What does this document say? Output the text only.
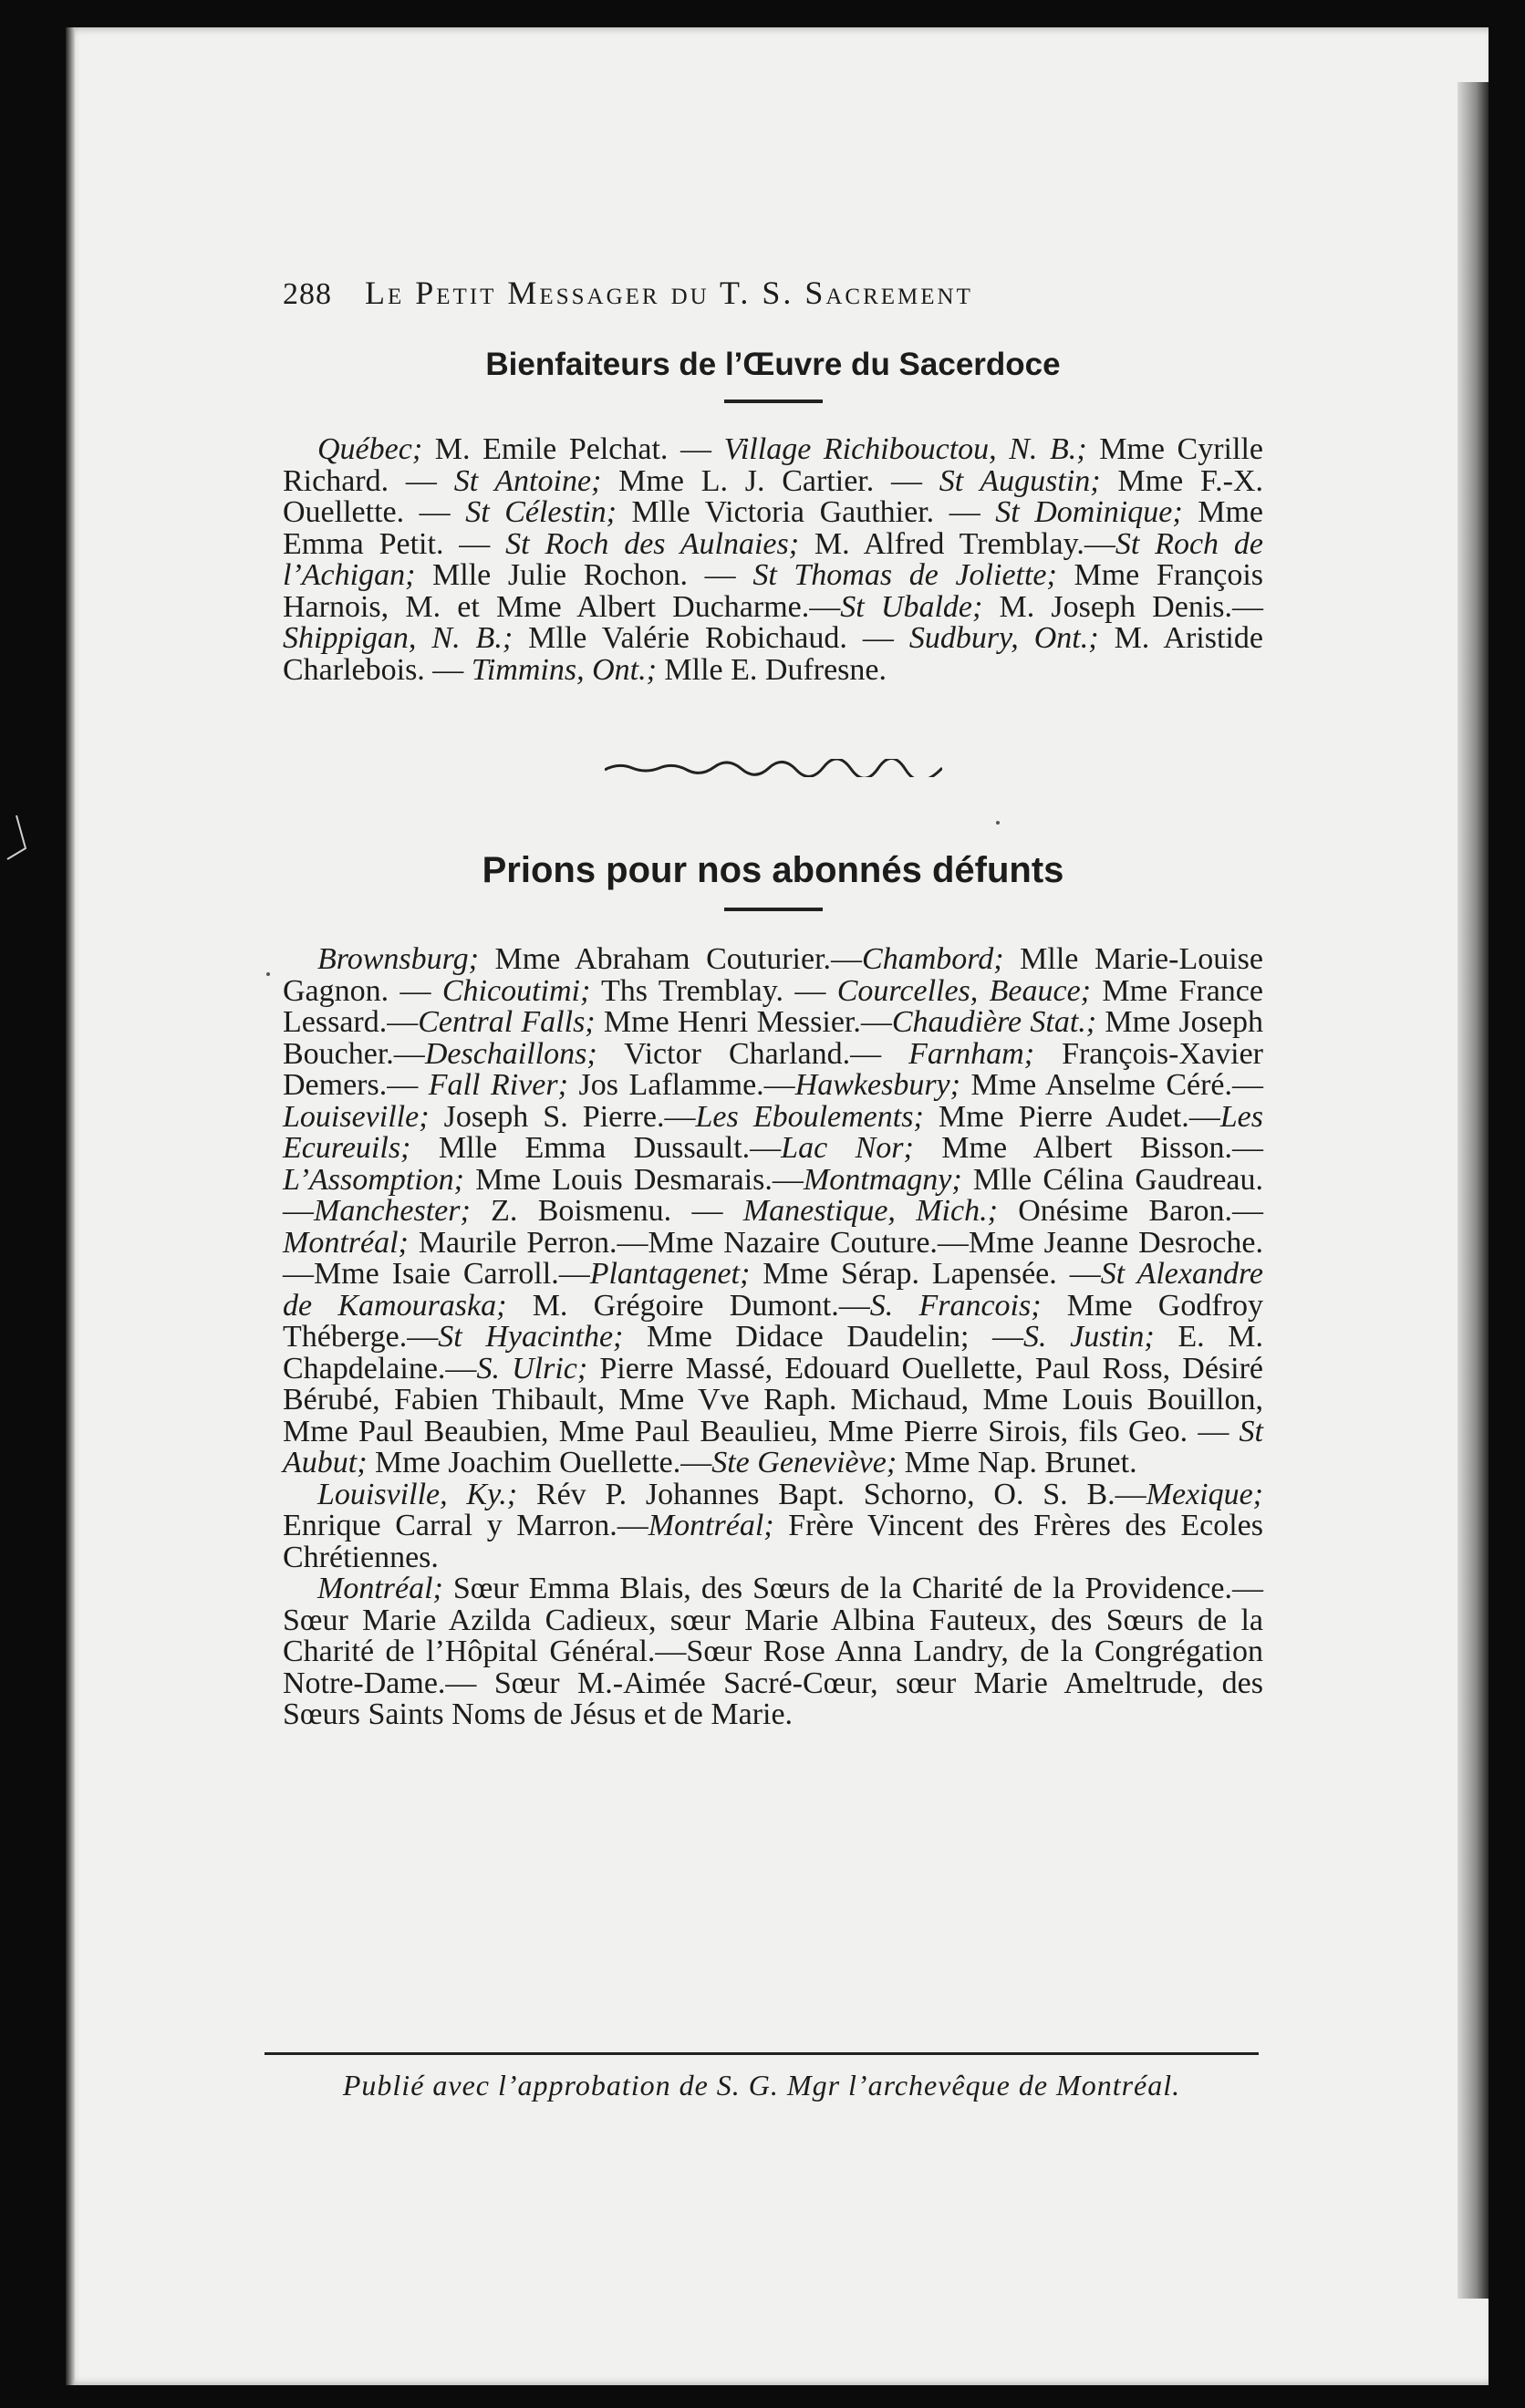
288	Le Petit Messager du T. S. Sacrement
Bienfaiteurs de l’Œuvre du Sacerdoce

Québec; M. Emile Pelchat. — Village Richibouctou, N. B.; Mme Cyrille Richard. — St Antoine; Mme L. J. Cartier. — St Augustin; Mme F.-X. Ouellette. — St Célestin; Mlle Victoria Gauthier. — St Dominique; Mme Emma Petit. — St Roch des Aulnaies; M. Alfred Tremblay.—St Roch de l’Achigan; Mlle Julie Rochon. — St Thomas de Joliette; Mme François Harnois, M. et Mme Albert Ducharme.—St Ubalde; M. Joseph Denis.—Shippigan, N. B.; Mlle Valérie Robichaud. — Sudbury, Ont.; M. Aristide Charlebois. — Timmins, Ont.; Mlle E. Dufresne.

Prions pour nos abonnés défunts

Brownsburg; Mme Abraham Couturier.—Chambord; Mlle Marie-Louise Gagnon. — Chicoutimi; Ths Tremblay. — Courcelles, Beauce; Mme France Lessard.—Central Falls; Mme Henri Messier.—Chaudière Stat.; Mme Joseph Boucher.—Deschaillons; Victor Charland.— Farnham; François-Xavier Demers.— Fall River; Jos Laflamme.—Hawkesbury; Mme Anselme Céré.—Louiseville; Joseph S. Pierre.—Les Eboulements; Mme Pierre Audet.—Les Ecureuils; Mlle Emma Dussault.—Lac Nor; Mme Albert Bisson.—L’Assomption; Mme Louis Desmarais.—Montmagny; Mlle Célina Gaudreau.—Manchester; Z. Boismenu. — Manestique, Mich.; Onésime Baron.—Montréal; Maurile Perron.—Mme Nazaire Couture.—Mme Jeanne Desroche.—Mme Isaie Carroll.—Plantagenet; Mme Sérap. Lapensée. —St Alexandre de Kamouraska; M. Grégoire Dumont.—S. Francois; Mme Godfroy Théberge.—St Hyacinthe; Mme Didace Daudelin; —S. Justin; E. M. Chapdelaine.—S. Ulric; Pierre Massé, Edouard Ouellette, Paul Ross, Désiré Bérubé, Fabien Thibault, Mme Vve Raph. Michaud, Mme Louis Bouillon, Mme Paul Beaubien, Mme Paul Beaulieu, Mme Pierre Sirois, fils Geo. — St Aubut; Mme Joachim Ouellette.—Ste Geneviève; Mme Nap. Brunet.

Louisville, Ky.; Rév P. Johannes Bapt. Schorno, O. S. B.—Mexique; Enrique Carral y Marron.—Montréal; Frère Vincent des Frères des Ecoles Chrétiennes.

Montréal; Sœur Emma Blais, des Sœurs de la Charité de la Providence.—Sœur Marie Azilda Cadieux, sœur Marie Albina Fauteux, des Sœurs de la Charité de l’Hôpital Général.—Sœur Rose Anna Landry, de la Congrégation Notre-Dame.— Sœur M.-Aimée Sacré-Cœur, sœur Marie Ameltrude, des Sœurs Saints Noms de Jésus et de Marie.

Publié avec l’approbation de S. G. Mgr l’archevêque de Montréal.
